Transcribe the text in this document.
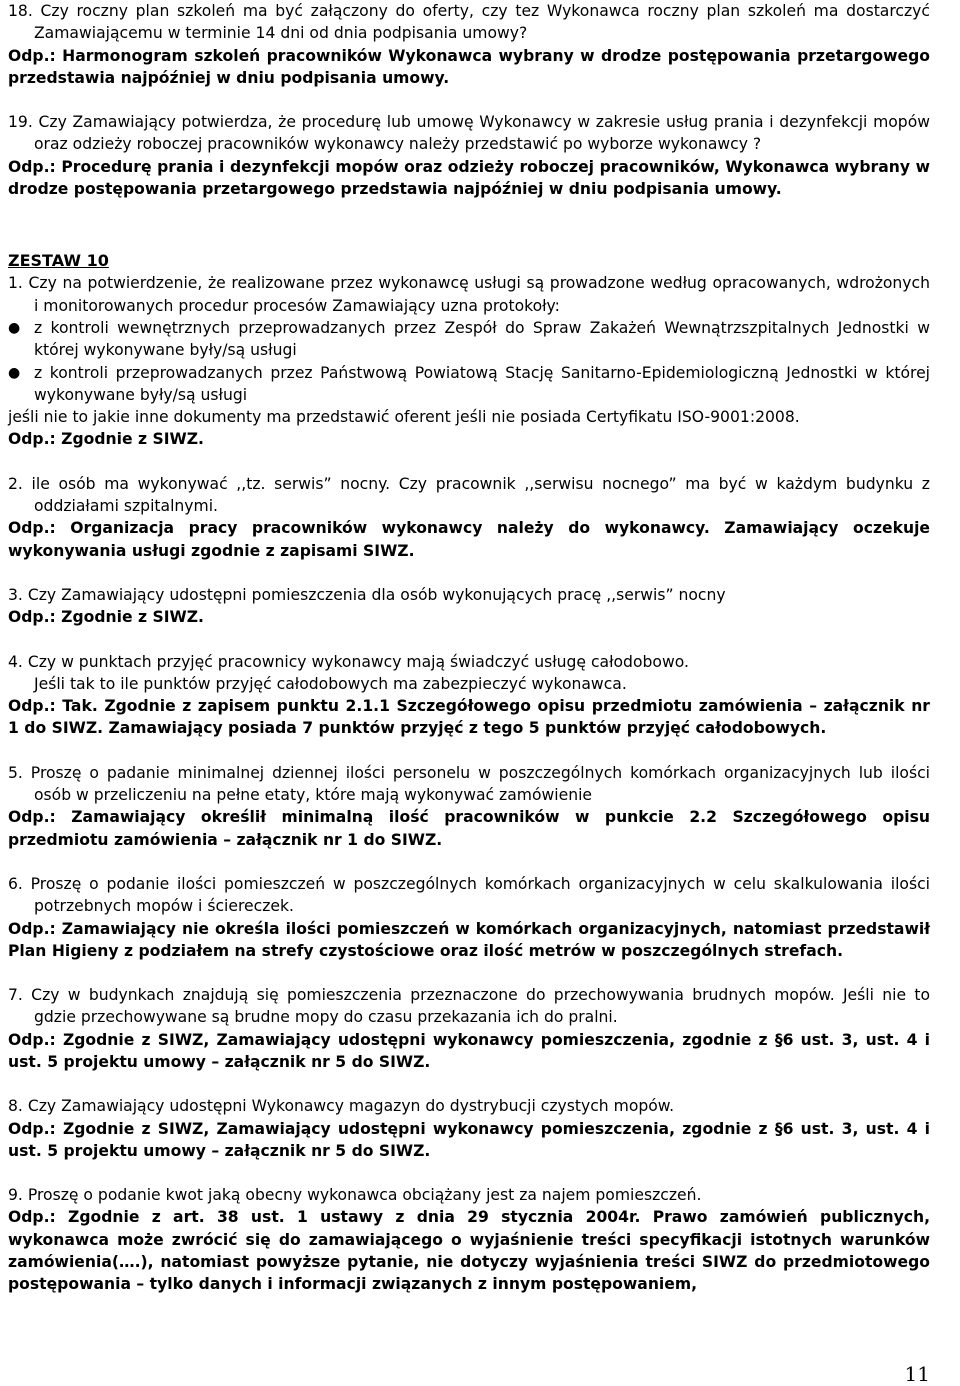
18. Czy roczny plan szkoleń ma być załączony do oferty, czy tez Wykonawca roczny plan szkoleń ma dostarczyć Zamawiającemu w terminie 14 dni od dnia podpisania umowy?
Odp.: Harmonogram szkoleń pracowników Wykonawca wybrany w drodze postępowania przetargowego przedstawia najpóźniej w dniu podpisania umowy.
19. Czy Zamawiający potwierdza, że procedurę lub umowę Wykonawcy w zakresie usług prania i dezynfekcji mopów oraz odzieży roboczej pracowników wykonawcy należy przedstawić po wyborze wykonawcy ?
Odp.: Procedurę prania i dezynfekcji mopów oraz odzieży roboczej pracowników, Wykonawca wybrany w drodze postępowania przetargowego przedstawia najpóźniej w dniu podpisania umowy.
ZESTAW 10
1. Czy na potwierdzenie, że realizowane przez wykonawcę usługi są prowadzone według opracowanych, wdrożonych i monitorowanych procedur procesów Zamawiający uzna protokoły:
● z kontroli wewnętrznych przeprowadzanych przez Zespół do Spraw Zakażeń Wewnątrzszpitalnych Jednostki w której wykonywane były/są usługi
● z kontroli przeprowadzanych przez Państwową Powiatową Stację Sanitarno-Epidemiologiczną Jednostki w której wykonywane były/są usługi
jeśli nie to jakie inne dokumenty ma przedstawić oferent jeśli nie posiada Certyfikatu ISO-9001:2008.
Odp.: Zgodnie z SIWZ.
2. ile osób ma wykonywać ,,tz. serwis” nocny. Czy pracownik ,,serwisu nocnego” ma być w każdym budynku z oddziałami szpitalnymi.
Odp.: Organizacja pracy pracowników wykonawcy należy do wykonawcy. Zamawiający oczekuje wykonywania usługi zgodnie z zapisami SIWZ.
3. Czy Zamawiający udostępni pomieszczenia dla osób wykonujących pracę ,,serwis” nocny
Odp.: Zgodnie z SIWZ.
4. Czy w punktach przyjęć pracownicy wykonawcy mają świadczyć usługę całodobowo.
Jeśli tak to ile punktów przyjęć całodobowych ma zabezpieczyć wykonawca.
Odp.: Tak. Zgodnie z zapisem punktu 2.1.1 Szczegółowego opisu przedmiotu zamówienia – załącznik nr 1 do SIWZ. Zamawiający posiada 7 punktów przyjęć z tego 5 punktów przyjęć całodobowych.
5. Proszę o padanie minimalnej dziennej ilości personelu w poszczególnych komórkach organizacyjnych lub ilości osób w przeliczeniu na pełne etaty, które mają wykonywać zamówienie
Odp.: Zamawiający określił minimalną ilość pracowników w punkcie 2.2 Szczegółowego opisu przedmiotu zamówienia – załącznik nr 1 do SIWZ.
6. Proszę o podanie ilości pomieszczeń w poszczególnych komórkach organizacyjnych w celu skalkulowania ilości potrzebnych mopów i ściereczek.
Odp.: Zamawiający nie określa ilości pomieszczeń w komórkach organizacyjnych, natomiast przedstawił Plan Higieny z podziałem na strefy czystościowe oraz ilość metrów w poszczególnych strefach.
7. Czy w budynkach znajdują się pomieszczenia przeznaczone do przechowywania brudnych mopów. Jeśli nie to gdzie przechowywane są brudne mopy do czasu przekazania ich do pralni.
Odp.: Zgodnie z SIWZ, Zamawiający udostępni wykonawcy pomieszczenia, zgodnie z §6 ust. 3, ust. 4 i ust. 5 projektu umowy – załącznik nr 5 do SIWZ.
8. Czy Zamawiający udostępni Wykonawcy magazyn do dystrybucji czystych mopów.
Odp.: Zgodnie z SIWZ, Zamawiający udostępni wykonawcy pomieszczenia, zgodnie z §6 ust. 3, ust. 4 i ust. 5 projektu umowy – załącznik nr 5 do SIWZ.
9. Proszę o podanie kwot jaką obecny wykonawca obciążany jest za najem pomieszczeń.
Odp.: Zgodnie z art. 38 ust. 1 ustawy z dnia 29 stycznia 2004r. Prawo zamówień publicznych, wykonawca może zwrócić się do zamawiającego o wyjaśnienie treści specyfikacji istotnych warunków zamówienia(….), natomiast powyższe pytanie, nie dotyczy wyjaśnienia treści SIWZ do przedmiotowego postępowania – tylko danych i informacji związanych z innym postępowaniem,
11
